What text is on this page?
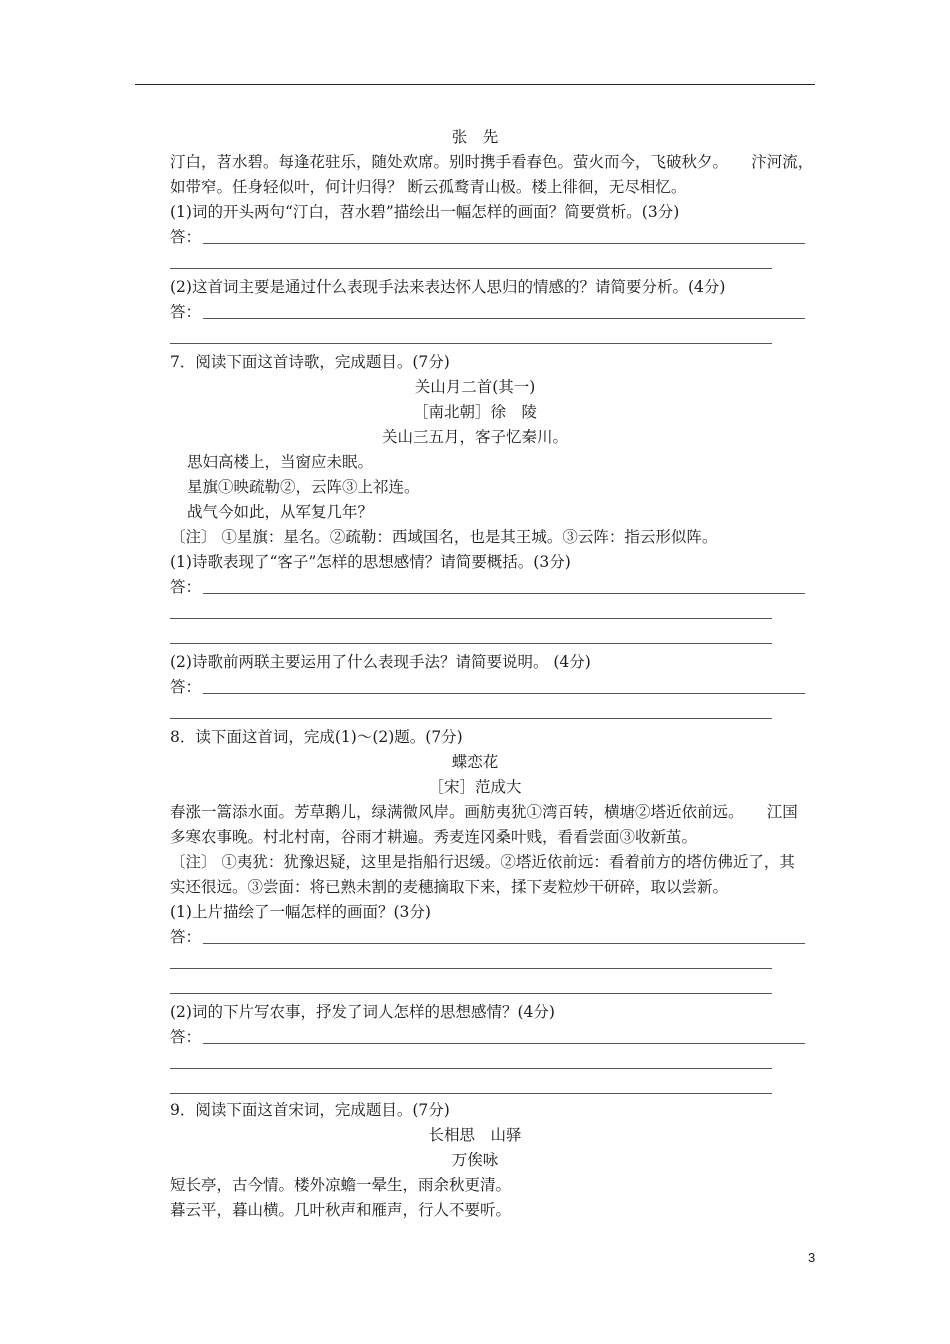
张　先
汀白，苕水碧。每逢花驻乐，随处欢席。别时携手看春色。萤火而今，飞破秋夕。　　汴河流，
如带窄。任身轻似叶，何计归得？ 断云孤鹜青山极。楼上徘徊，无尽相忆。
(1)词的开头两句“汀白，苕水碧”描绘出一幅怎样的画面？简要赏析。(3分)
答：
(2)这首词主要是通过什么表现手法来表达怀人思归的情感的？请简要分析。(4分)
答：
7．阅读下面这首诗歌，完成题目。(7分)
关山月二首(其一)
［南北朝］徐　陵
关山三五月，客子忆秦川。
思妇高楼上，当窗应未眠。
星旗①映疏勒②，云阵③上祁连。
战气今如此，从军复几年？
〔注〕 ①星旗：星名。②疏勒：西域国名，也是其王城。③云阵：指云形似阵。
(1)诗歌表现了“客子”怎样的思想感情？请简要概括。(3分)
答：
(2)诗歌前两联主要运用了什么表现手法？请简要说明。 (4分)
答：
8．读下面这首词，完成(1)～(2)题。(7分)
蝶恋花
［宋］范成大
春涨一篙添水面。芳草鹅儿，绿满微风岸。画舫夷犹①湾百转，横塘②塔近依前远。　　江国
多寒农事晚。村北村南，谷雨才耕遍。秀麦连冈桑叶贱，看看尝面③收新茧。
〔注〕 ①夷犹：犹豫迟疑，这里是指船行迟缓。②塔近依前远：看着前方的塔仿佛近了，其
实还很远。③尝面：将已熟未割的麦穗摘取下来，揉下麦粒炒干研碎，取以尝新。
(1)上片描绘了一幅怎样的画面？(3分)
答：
(2)词的下片写农事，抒发了词人怎样的思想感情？(4分)
答：
9．阅读下面这首宋词，完成题目。(7分)
长相思　山驿
万俟咏
短长亭，古今情。楼外凉蟾一晕生，雨余秋更清。
暮云平，暮山横。几叶秋声和雁声，行人不要听。
3
